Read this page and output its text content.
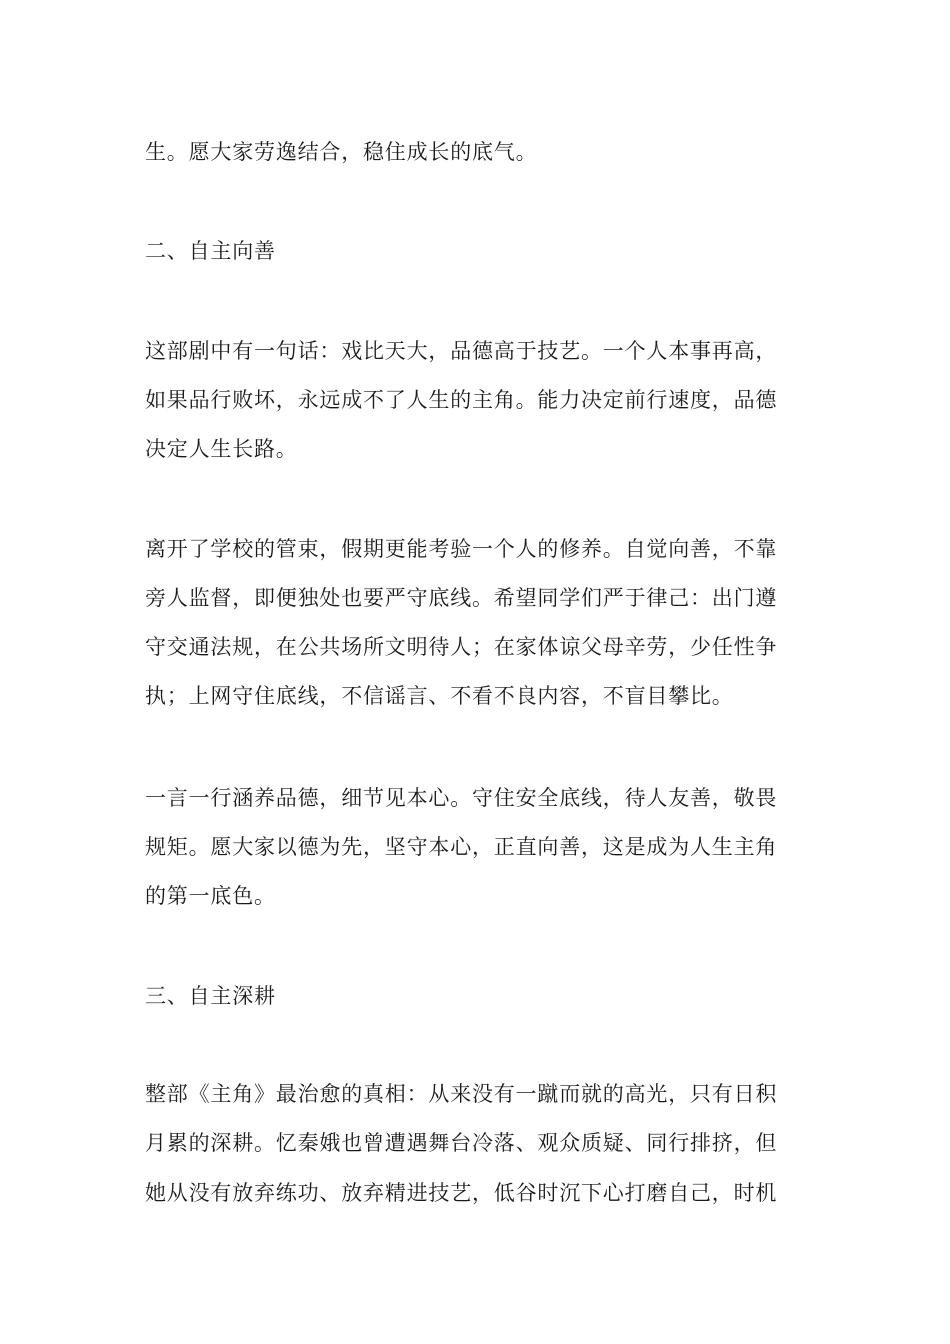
生。愿大家劳逸结合，稳住成长的底气。
二、自主向善
这部剧中有一句话：戏比天大，品德高于技艺。一个人本事再高，
如果品行败坏，永远成不了人生的主角。能力决定前行速度，品德
决定人生长路。
离开了学校的管束，假期更能考验一个人的修养。自觉向善，不靠
旁人监督，即便独处也要严守底线。希望同学们严于律己：出门遵
守交通法规，在公共场所文明待人；在家体谅父母辛劳，少任性争
执；上网守住底线，不信谣言、不看不良内容，不盲目攀比。
一言一行涵养品德，细节见本心。守住安全底线，待人友善，敬畏
规矩。愿大家以德为先，坚守本心，正直向善，这是成为人生主角
的第一底色。
三、自主深耕
整部《主角》最治愈的真相：从来没有一蹴而就的高光，只有日积
月累的深耕。忆秦娥也曾遭遇舞台冷落、观众质疑、同行排挤，但
她从没有放弃练功、放弃精进技艺，低谷时沉下心打磨自己，时机
